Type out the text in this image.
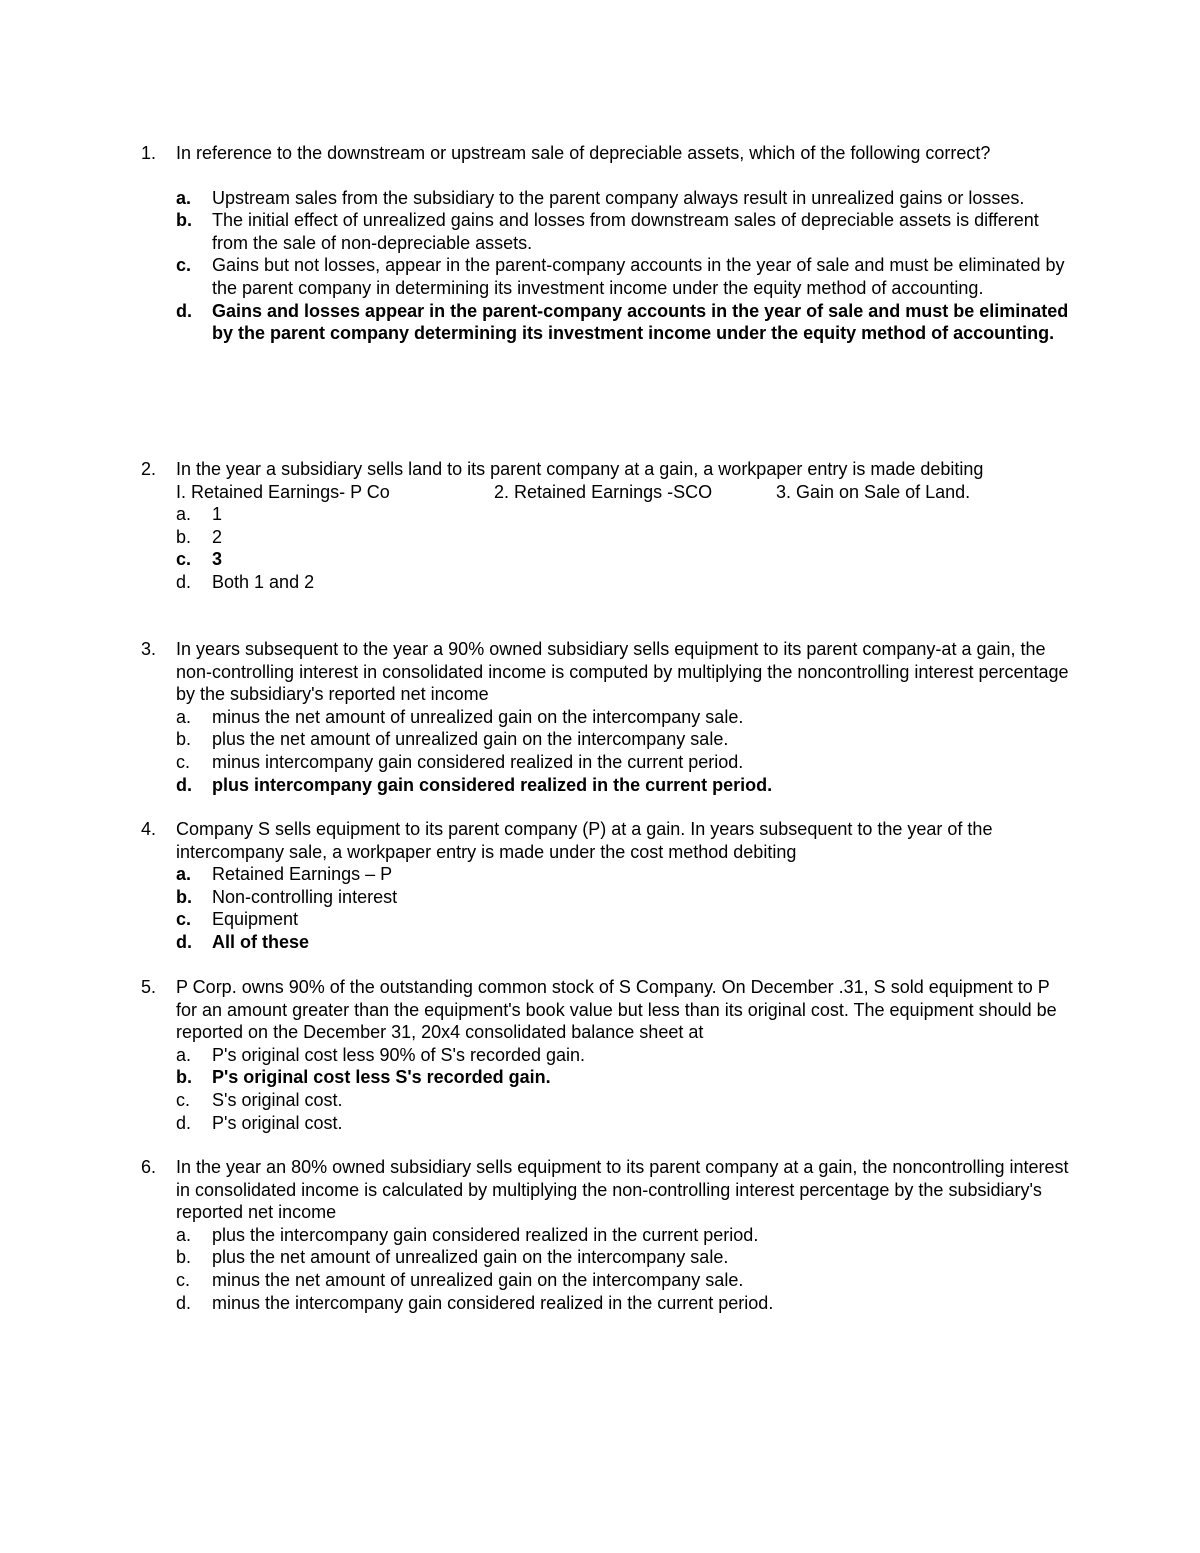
1.	In reference to the downstream or upstream sale of depreciable assets, which of the following correct?
a.	Upstream sales from the subsidiary to the parent company always result in unrealized gains or losses.
b.	The initial effect of unrealized gains and losses from downstream sales of depreciable assets is different from the sale of non-depreciable assets.
c.	Gains but not losses, appear in the parent-company accounts in the year of sale and must be eliminated by the parent company in determining its investment income under the equity method of accounting.
d.	Gains and losses appear in the parent-company accounts in the year of sale and must be eliminated by the parent company determining its investment income under the equity method of accounting.
2.	In the year a subsidiary sells land to its parent company at a gain, a workpaper entry is made debiting
I. Retained Earnings- P Co	2. Retained Earnings -SCO	3. Gain on Sale of Land.
a.	1
b.	2
c.	3
d.	Both 1 and 2
3.	In years subsequent to the year a 90% owned subsidiary sells equipment to its parent company-at a gain, the non-controlling interest in consolidated income is computed by multiplying the noncontrolling interest percentage by the subsidiary's reported net income
a.	minus the net amount of unrealized gain on the intercompany sale.
b.	plus the net amount of unrealized gain on the intercompany sale.
c.	minus intercompany gain considered realized in the current period.
d.	plus intercompany gain considered realized in the current period.
4.	Company S sells equipment to its parent company (P) at a gain. In years subsequent to the year of the intercompany sale, a workpaper entry is made under the cost method debiting
a.	Retained Earnings – P
b.	Non-controlling interest
c.	Equipment
d.	All of these
5.	P Corp. owns 90% of the outstanding common stock of S Company. On December .31, S sold equipment to P for an amount greater than the equipment's book value but less than its original cost. The equipment should be reported on the December 31, 20x4 consolidated balance sheet at
a.	P's original cost less 90% of S's recorded gain.
b.	P's original cost less S's recorded gain.
c.	S's original cost.
d.	P's original cost.
6.	In the year an 80% owned subsidiary sells equipment to its parent company at a gain, the noncontrolling interest in consolidated income is calculated by multiplying the non-controlling interest percentage by the subsidiary's reported net income
a.	plus the intercompany gain considered realized in the current period.
b.	plus the net amount of unrealized gain on the intercompany sale.
c.	minus the net amount of unrealized gain on the intercompany sale.
d.	minus the intercompany gain considered realized in the current period.
